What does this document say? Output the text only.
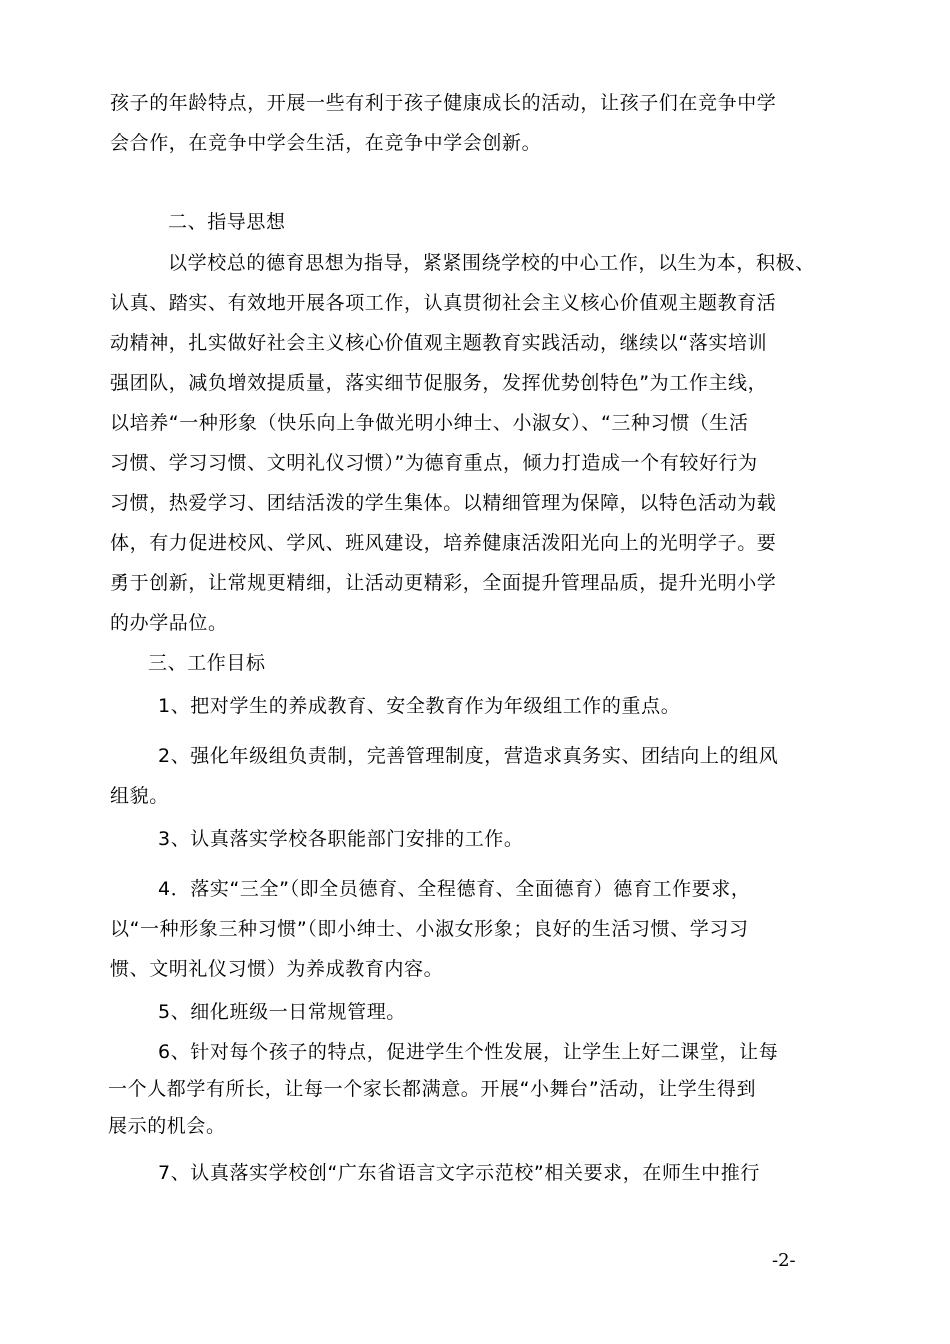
孩子的年龄特点，开展一些有利于孩子健康成长的活动，让孩子们在竞争中学
会合作，在竞争中学会生活，在竞争中学会创新。
二、指导思想
以学校总的德育思想为指导，紧紧围绕学校的中心工作，以生为本，积极、
认真、踏实、有效地开展各项工作，认真贯彻社会主义核心价值观主题教育活
动精神，扎实做好社会主义核心价值观主题教育实践活动，继续以“落实培训
强团队，减负增效提质量，落实细节促服务，发挥优势创特色”为工作主线，
以培养“一种形象（快乐向上争做光明小绅士、小淑女）、“三种习惯（生活
习惯、学习习惯、文明礼仪习惯）”为德育重点，倾力打造成一个有较好行为
习惯，热爱学习、团结活泼的学生集体。以精细管理为保障，以特色活动为载
体，有力促进校风、学风、班风建设，培养健康活泼阳光向上的光明学子。要
勇于创新，让常规更精细，让活动更精彩，全面提升管理品质，提升光明小学
的办学品位。
三、工作目标
1、把对学生的养成教育、安全教育作为年级组工作的重点。
2、强化年级组负责制，完善管理制度，营造求真务实、团结向上的组风
组貌。
3、认真落实学校各职能部门安排的工作。
4．落实“三全”（即全员德育、全程德育、全面德育）德育工作要求，
以“一种形象三种习惯”（即小绅士、小淑女形象；良好的生活习惯、学习习
惯、文明礼仪习惯）为养成教育内容。
5、细化班级一日常规管理。
6、针对每个孩子的特点，促进学生个性发展，让学生上好二课堂，让每
一个人都学有所长，让每一个家长都满意。开展“小舞台”活动，让学生得到
展示的机会。
7、认真落实学校创“广东省语言文字示范校”相关要求，在师生中推行
-2-
